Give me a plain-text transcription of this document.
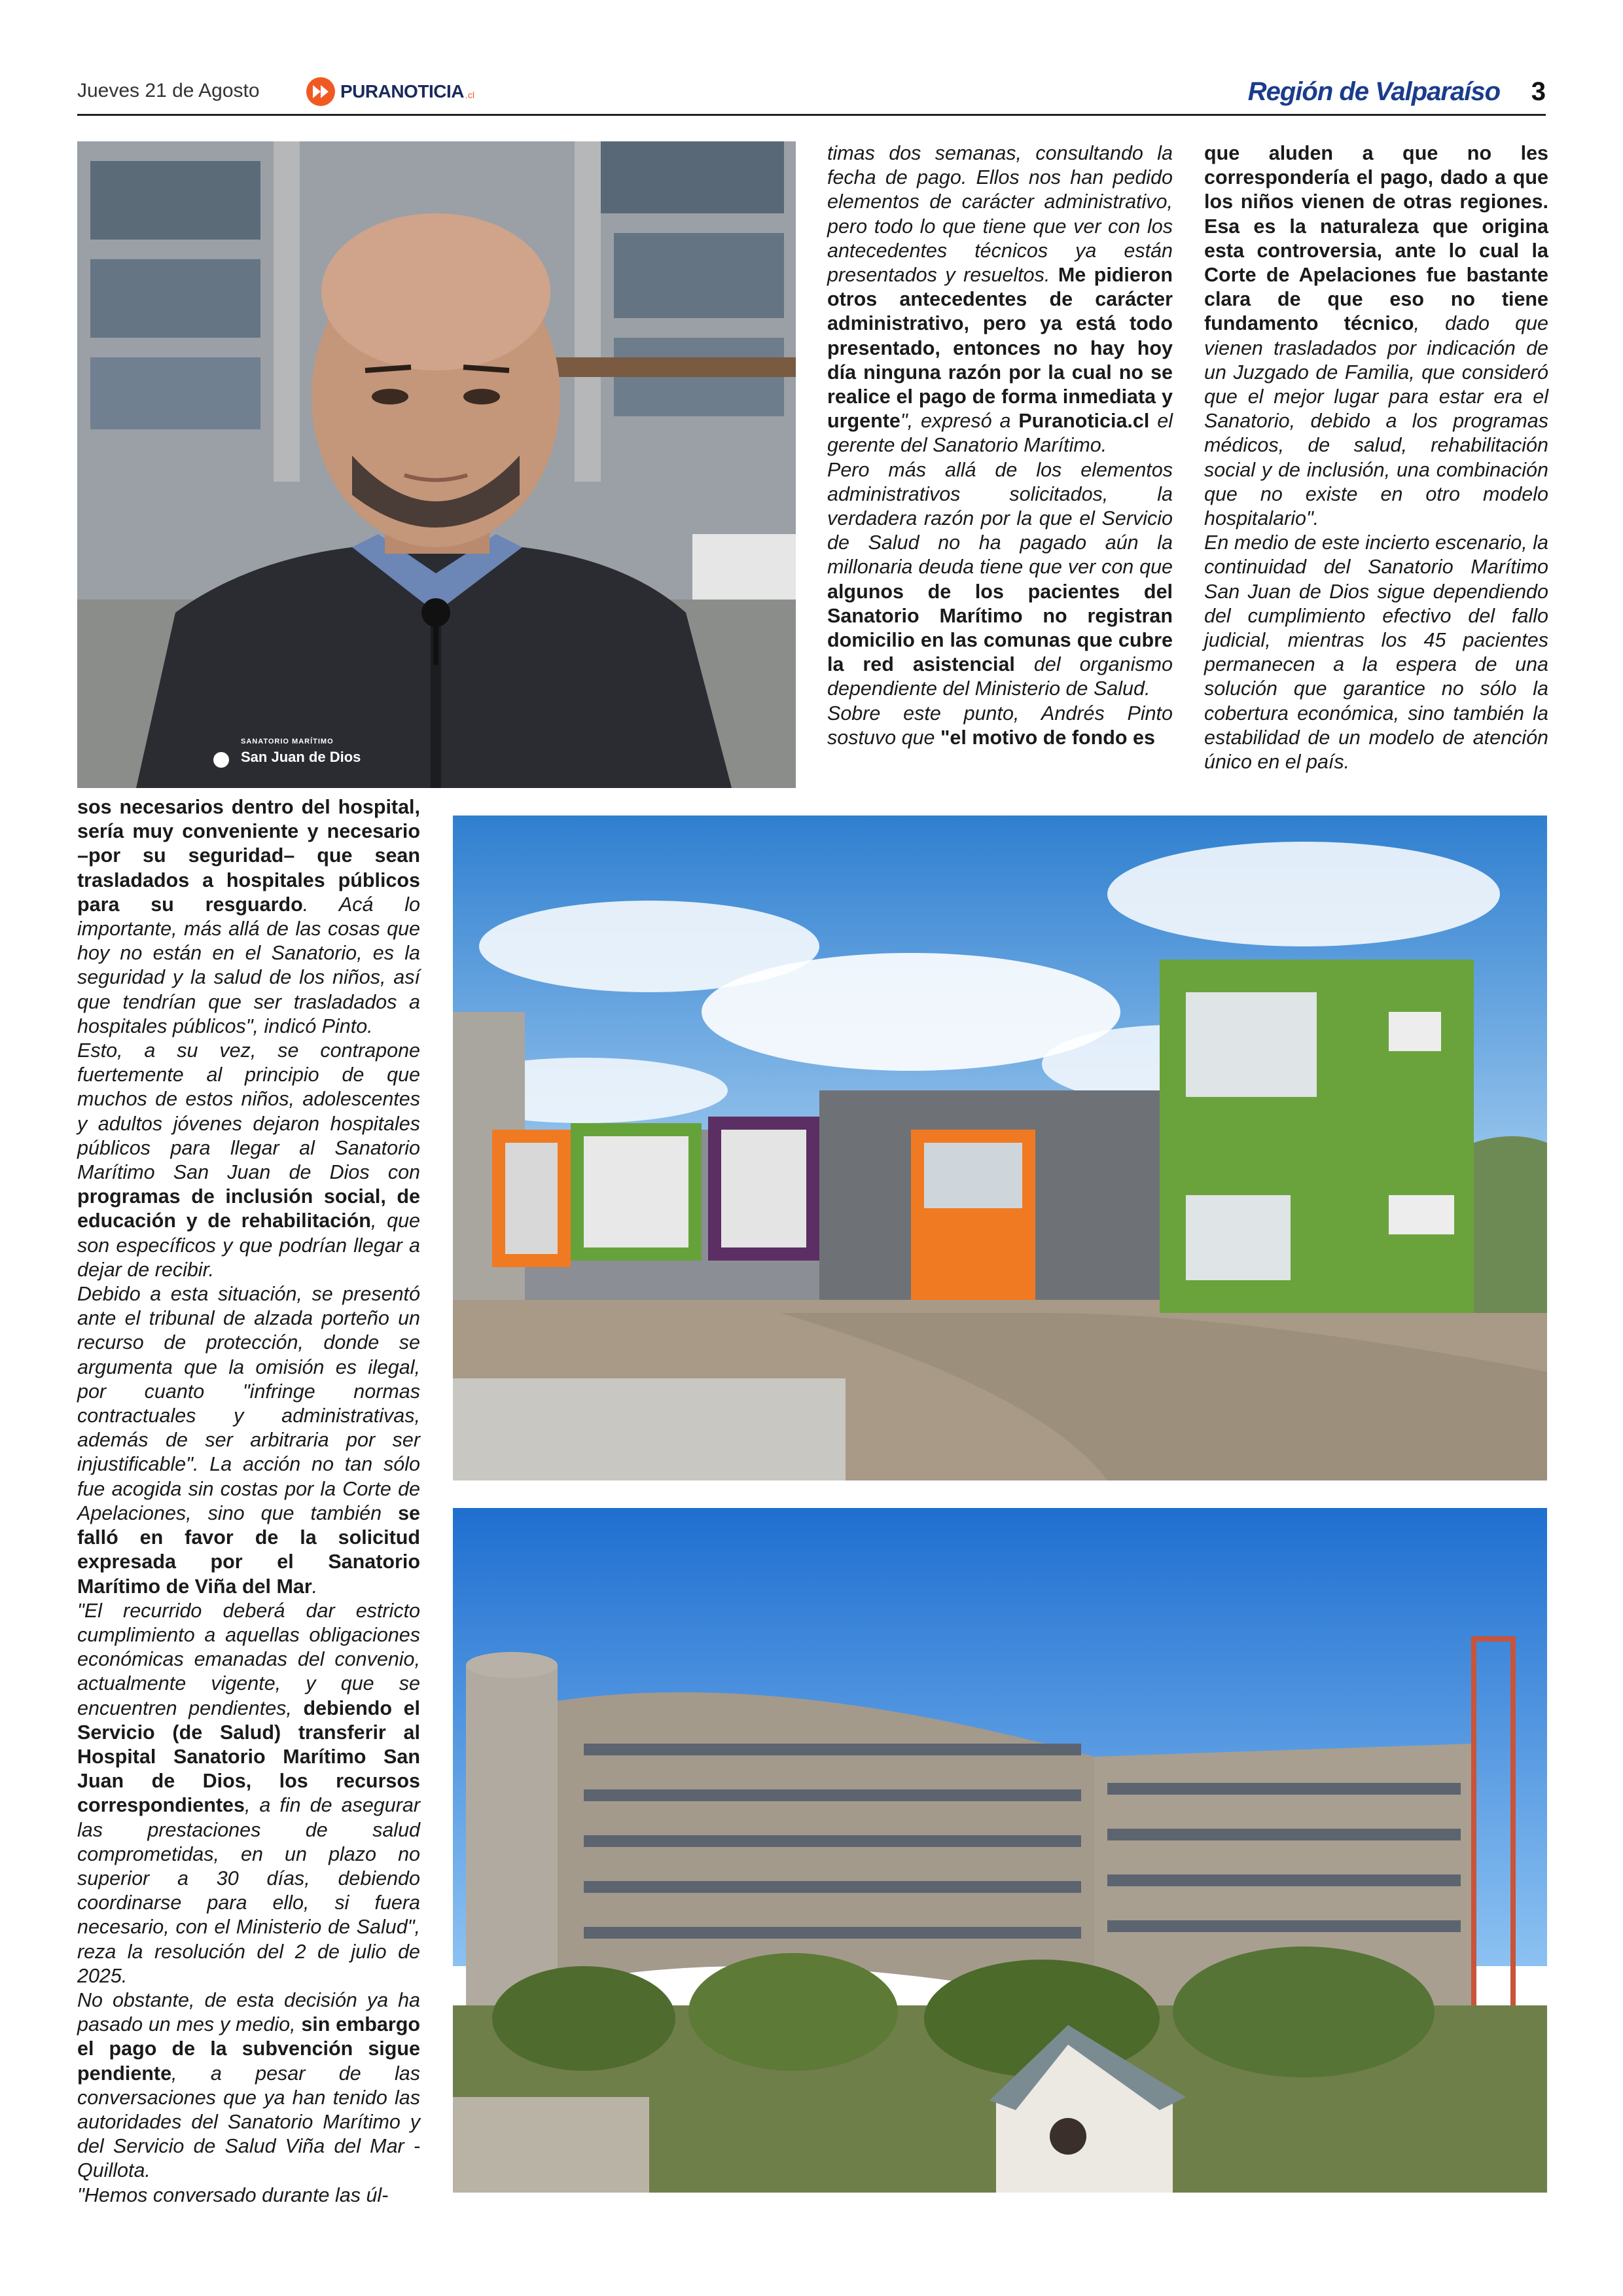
Jueves 21 de Agosto	PURANOTICIA .cl	Región de Valparaíso 3
SANATORIO MARÍTIMO
San Juan de Dios

sos necesarios dentro del hospital, sería muy conveniente y necesario –por su seguridad– que sean trasladados a hospitales públicos para su resguardo. Acá lo importante, más allá de las cosas que hoy no están en el Sanatorio, es la seguridad y la salud de los niños, así que tendrían que ser trasladados a hospitales públicos", indicó Pinto.
Esto, a su vez, se contrapone fuertemente al principio de que muchos de estos niños, adolescentes y adultos jóvenes dejaron hospitales públicos para llegar al Sanatorio Marítimo San Juan de Dios con programas de inclusión social, de educación y de rehabilitación, que son específicos y que podrían llegar a dejar de recibir.
Debido a esta situación, se presentó ante el tribunal de alzada porteño un recurso de protección, donde se argumenta que la omisión es ilegal, por cuanto "infringe normas contractuales y administrativas, además de ser arbitraria por ser injustificable". La acción no tan sólo fue acogida sin costas por la Corte de Apelaciones, sino que también se falló en favor de la solicitud expresada por el Sanatorio Marítimo de Viña del Mar.
"El recurrido deberá dar estricto cumplimiento a aquellas obligaciones económicas emanadas del convenio, actualmente vigente, y que se encuentren pendientes, debiendo el Servicio (de Salud) transferir al Hospital Sanatorio Marítimo San Juan de Dios, los recursos correspondientes, a fin de asegurar las prestaciones de salud comprometidas, en un plazo no superior a 30 días, debiendo coordinarse para ello, si fuera necesario, con el Ministerio de Salud", reza la resolución del 2 de julio de 2025.
No obstante, de esta decisión ya ha pasado un mes y medio, sin embargo el pago de la subvención sigue pendiente, a pesar de las conversaciones que ya han tenido las autoridades del Sanatorio Marítimo y del Servicio de Salud Viña del Mar - Quillota.
"Hemos conversado durante las úl-

timas dos semanas, consultando la fecha de pago. Ellos nos han pedido elementos de carácter administrativo, pero todo lo que tiene que ver con los antecedentes técnicos ya están presentados y resueltos. Me pidieron otros antecedentes de carácter administrativo, pero ya está todo presentado, entonces no hay hoy día ninguna razón por la cual no se realice el pago de forma inmediata y urgente", expresó a Puranoticia.cl el gerente del Sanatorio Marítimo.
Pero más allá de los elementos administrativos solicitados, la verdadera razón por la que el Servicio de Salud no ha pagado aún la millonaria deuda tiene que ver con que algunos de los pacientes del Sanatorio Marítimo no registran domicilio en las comunas que cubre la red asistencial del organismo dependiente del Ministerio de Salud.
Sobre este punto, Andrés Pinto sostuvo que "el motivo de fondo es

que aluden a que no les correspondería el pago, dado a que los niños vienen de otras regiones. Esa es la naturaleza que origina esta controversia, ante lo cual la Corte de Apelaciones fue bastante clara de que eso no tiene fundamento técnico, dado que vienen trasladados por indicación de un Juzgado de Familia, que consideró que el mejor lugar para estar era el Sanatorio, debido a los programas médicos, de salud, rehabilitación social y de inclusión, una combinación que no existe en otro modelo hospitalario".
En medio de este incierto escenario, la continuidad del Sanatorio Marítimo San Juan de Dios sigue dependiendo del cumplimiento efectivo del fallo judicial, mientras los 45 pacientes permanecen a la espera de una solución que garantice no sólo la cobertura económica, sino también la estabilidad de un modelo de atención único en el país.
